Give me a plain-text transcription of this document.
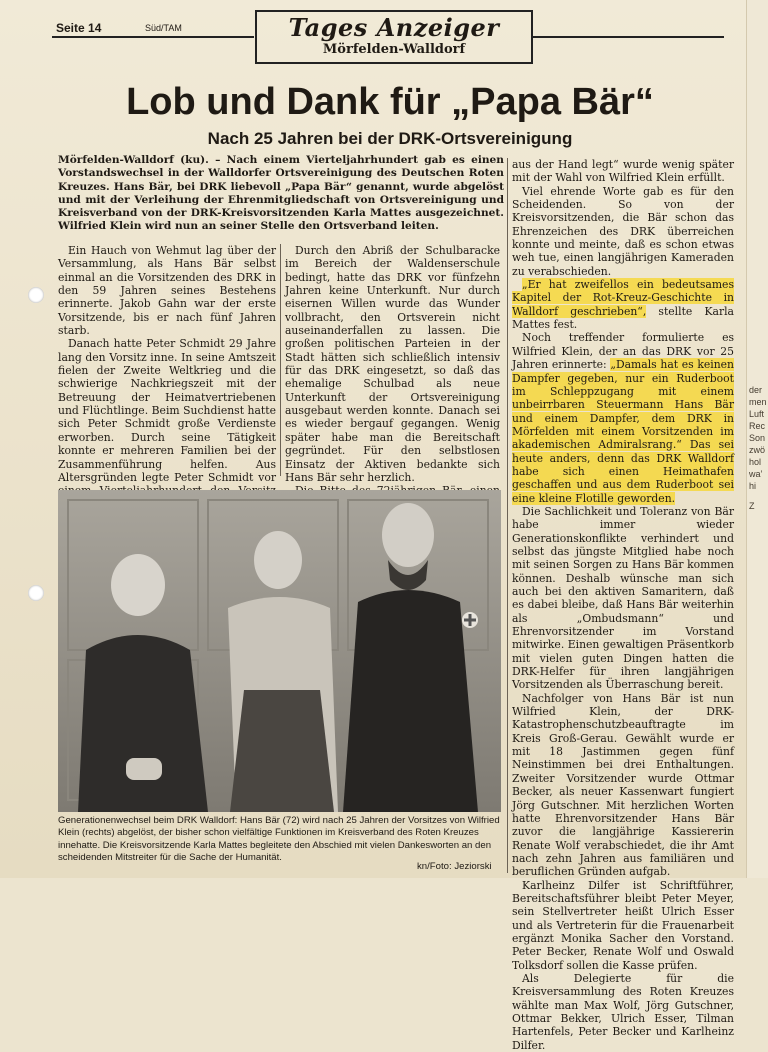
Seite 14	Süd/TAM	Tages Anzeiger
Mörfelden-Walldorf
Lob und Dank für „Papa Bär“
Nach 25 Jahren bei der DRK-Ortsvereinigung
Mörfelden-Walldorf (ku). – Nach einem Vierteljahrhundert gab es einen Vorstandswechsel in der Walldorfer Ortsvereinigung des Deutschen Roten Kreuzes. Hans Bär, bei DRK liebevoll „Papa Bär“ genannt, wurde abgelöst und mit der Verleihung der Ehrenmitgliedschaft von Ortsvereinigung und Kreisverband von der DRK-Kreisvorsitzenden Karla Mattes ausgezeichnet. Wilfried Klein wird nun an seiner Stelle den Ortsverband leiten.

Ein Hauch von Wehmut lag über der Versammlung, als Hans Bär selbst einmal an die Vorsitzenden des DRK in den 59 Jahren seines Bestehens erinnerte. Jakob Gahn war der erste Vorsitzende, bis er nach fünf Jahren starb.

Danach hatte Peter Schmidt 29 Jahre lang den Vorsitz inne. In seine Amtszeit fielen der Zweite Weltkrieg und die schwierige Nachkriegszeit mit der Betreuung der Heimatvertriebenen und Flüchtlinge. Beim Suchdienst hatte sich Peter Schmidt große Verdienste erworben. Durch seine Tätigkeit konnte er mehreren Familien bei der Zusammenführung helfen. Aus Altersgründen legte Peter Schmidt vor

Durch den Abriß der Schulbaracke im Bereich der Waldenserschule bedingt, hatte das DRK vor fünfzehn Jahren keine Unterkunft. Nur durch eisernen Willen wurde das Wunder vollbracht, den Ortsverein nicht auseinanderfallen zu lassen. Die großen politischen Parteien in der Stadt hätten sich schließlich intensiv für das DRK eingesetzt, so daß das ehemalige Schulbad als neue Unterkunft der Ortsvereinigung ausgebaut werden konnte. Danach sei es wieder bergauf gegangen. Wenig später habe man die Bereitschaft gegründet. Für den selbstlosen Einsatz der Aktiven bedankte sich Hans Bär sehr herzlich.

aus der Hand legt“ wurde wenig später mit der Wahl von Wilfried Klein erfüllt.

Viel ehrende Worte gab es für den Scheidenden. So von der Kreisvorsitzenden, die Bär schon das Ehrenzeichen des DRK überreichen konnte und meinte, daß es schon etwas weh tue, einen langjährigen Kameraden zu verabschieden.

„Er hat zweifellos ein bedeutsames Kapitel der Rot-Kreuz-Geschichte in Walldorf geschrieben“, stellte Karla Mattes fest.

Noch treffender formulierte es Wilfried Klein, der an das DRK vor 25 Jahren erinnerte: „Damals hat es keinen Dampfer gegeben, nur ein Ruderboot im Schleppzugang mit einem unbeirrbaren Steuermann Hans Bär und einem Dampfer, dem DRK in Mörfelden mit einem Vorsitzenden im akademischen Admiralsrang.“ Das sei heute anders, denn das DRK Walldorf habe sich einen Heimathafen geschaffen und aus dem Ruderboot sei eine kleine Flotille geworden.

Die Sachlichkeit und Toleranz von Bär habe immer wieder Generationskonflikte verhindert und selbst das jüngste Mitglied habe noch mit seinen Sorgen zu Hans Bär kommen können. Deshalb wünsche man sich auch bei den aktiven Samaritern, daß es dabei bleibe, daß Hans Bär weiterhin als „Ombudsmann“ und Ehrenvorsitzender im Vorstand mitwirke. Einen gewaltigen Präsentkorb mit vielen guten Dingen hatten die DRK-Helfer für ihren langjährigen Vorsitzenden als Überraschung bereit.

Nachfolger von Hans Bär ist nun Wilfried Klein, der DRK-Katastrophenschutzbeauftragte im Kreis Groß-Gerau. Gewählt wurde er mit 18 Jastimmen gegen fünf Neinstimmen bei drei Enthaltungen. Zweiter Vorsitzender wurde Ottmar Becker, als neuer Kassenwart fungiert Jörg Gutschner. Mit herzlichen Worten hatte Ehrenvorsitzender Hans Bär zuvor die langjährige Kassiererin Renate Wolf verabschiedet, die ihr Amt nach zehn Jahren aus familiären und beruflichen Gründen aufgab.

Karlheinz Dilfer ist Schriftführer, Bereitschaftsführer bleibt Peter Meyer, sein Stellvertreter heißt Ulrich Esser und als Vertreterin für die Frauenarbeit ergänzt Monika Sacher den Vorstand. Peter Becker, Renate Wolf und Oswald Tolksdorf sollen die Kasse prüfen.

Als Delegierte für die Kreisversammlung des Roten Kreuzes wählte man Max Wolf, Jörg Gutschner, Ottmar Bekker, Ulrich Esser, Tilman Hartenfels, Peter Becker und Karlheinz Dilfer.

Generationenwechsel beim DRK Walldorf: Hans Bär (72) wird nach 25 Jahren der Vorsitzes von Wilfried Klein (rechts) abgelöst, der bisher schon vielfältige Funktionen im Kreisverband des Roten Kreuzes innehatte. Die Kreisvorsitzende Karla Mattes begleitete den Abschied mit vielen Dankesworten an den scheidenden Mitstreiter für die Sache der Humanität.
kn/Foto: Jeziorski
der
men
Luft
Rec
Son
zwö
hol
wa’
hi
Z
